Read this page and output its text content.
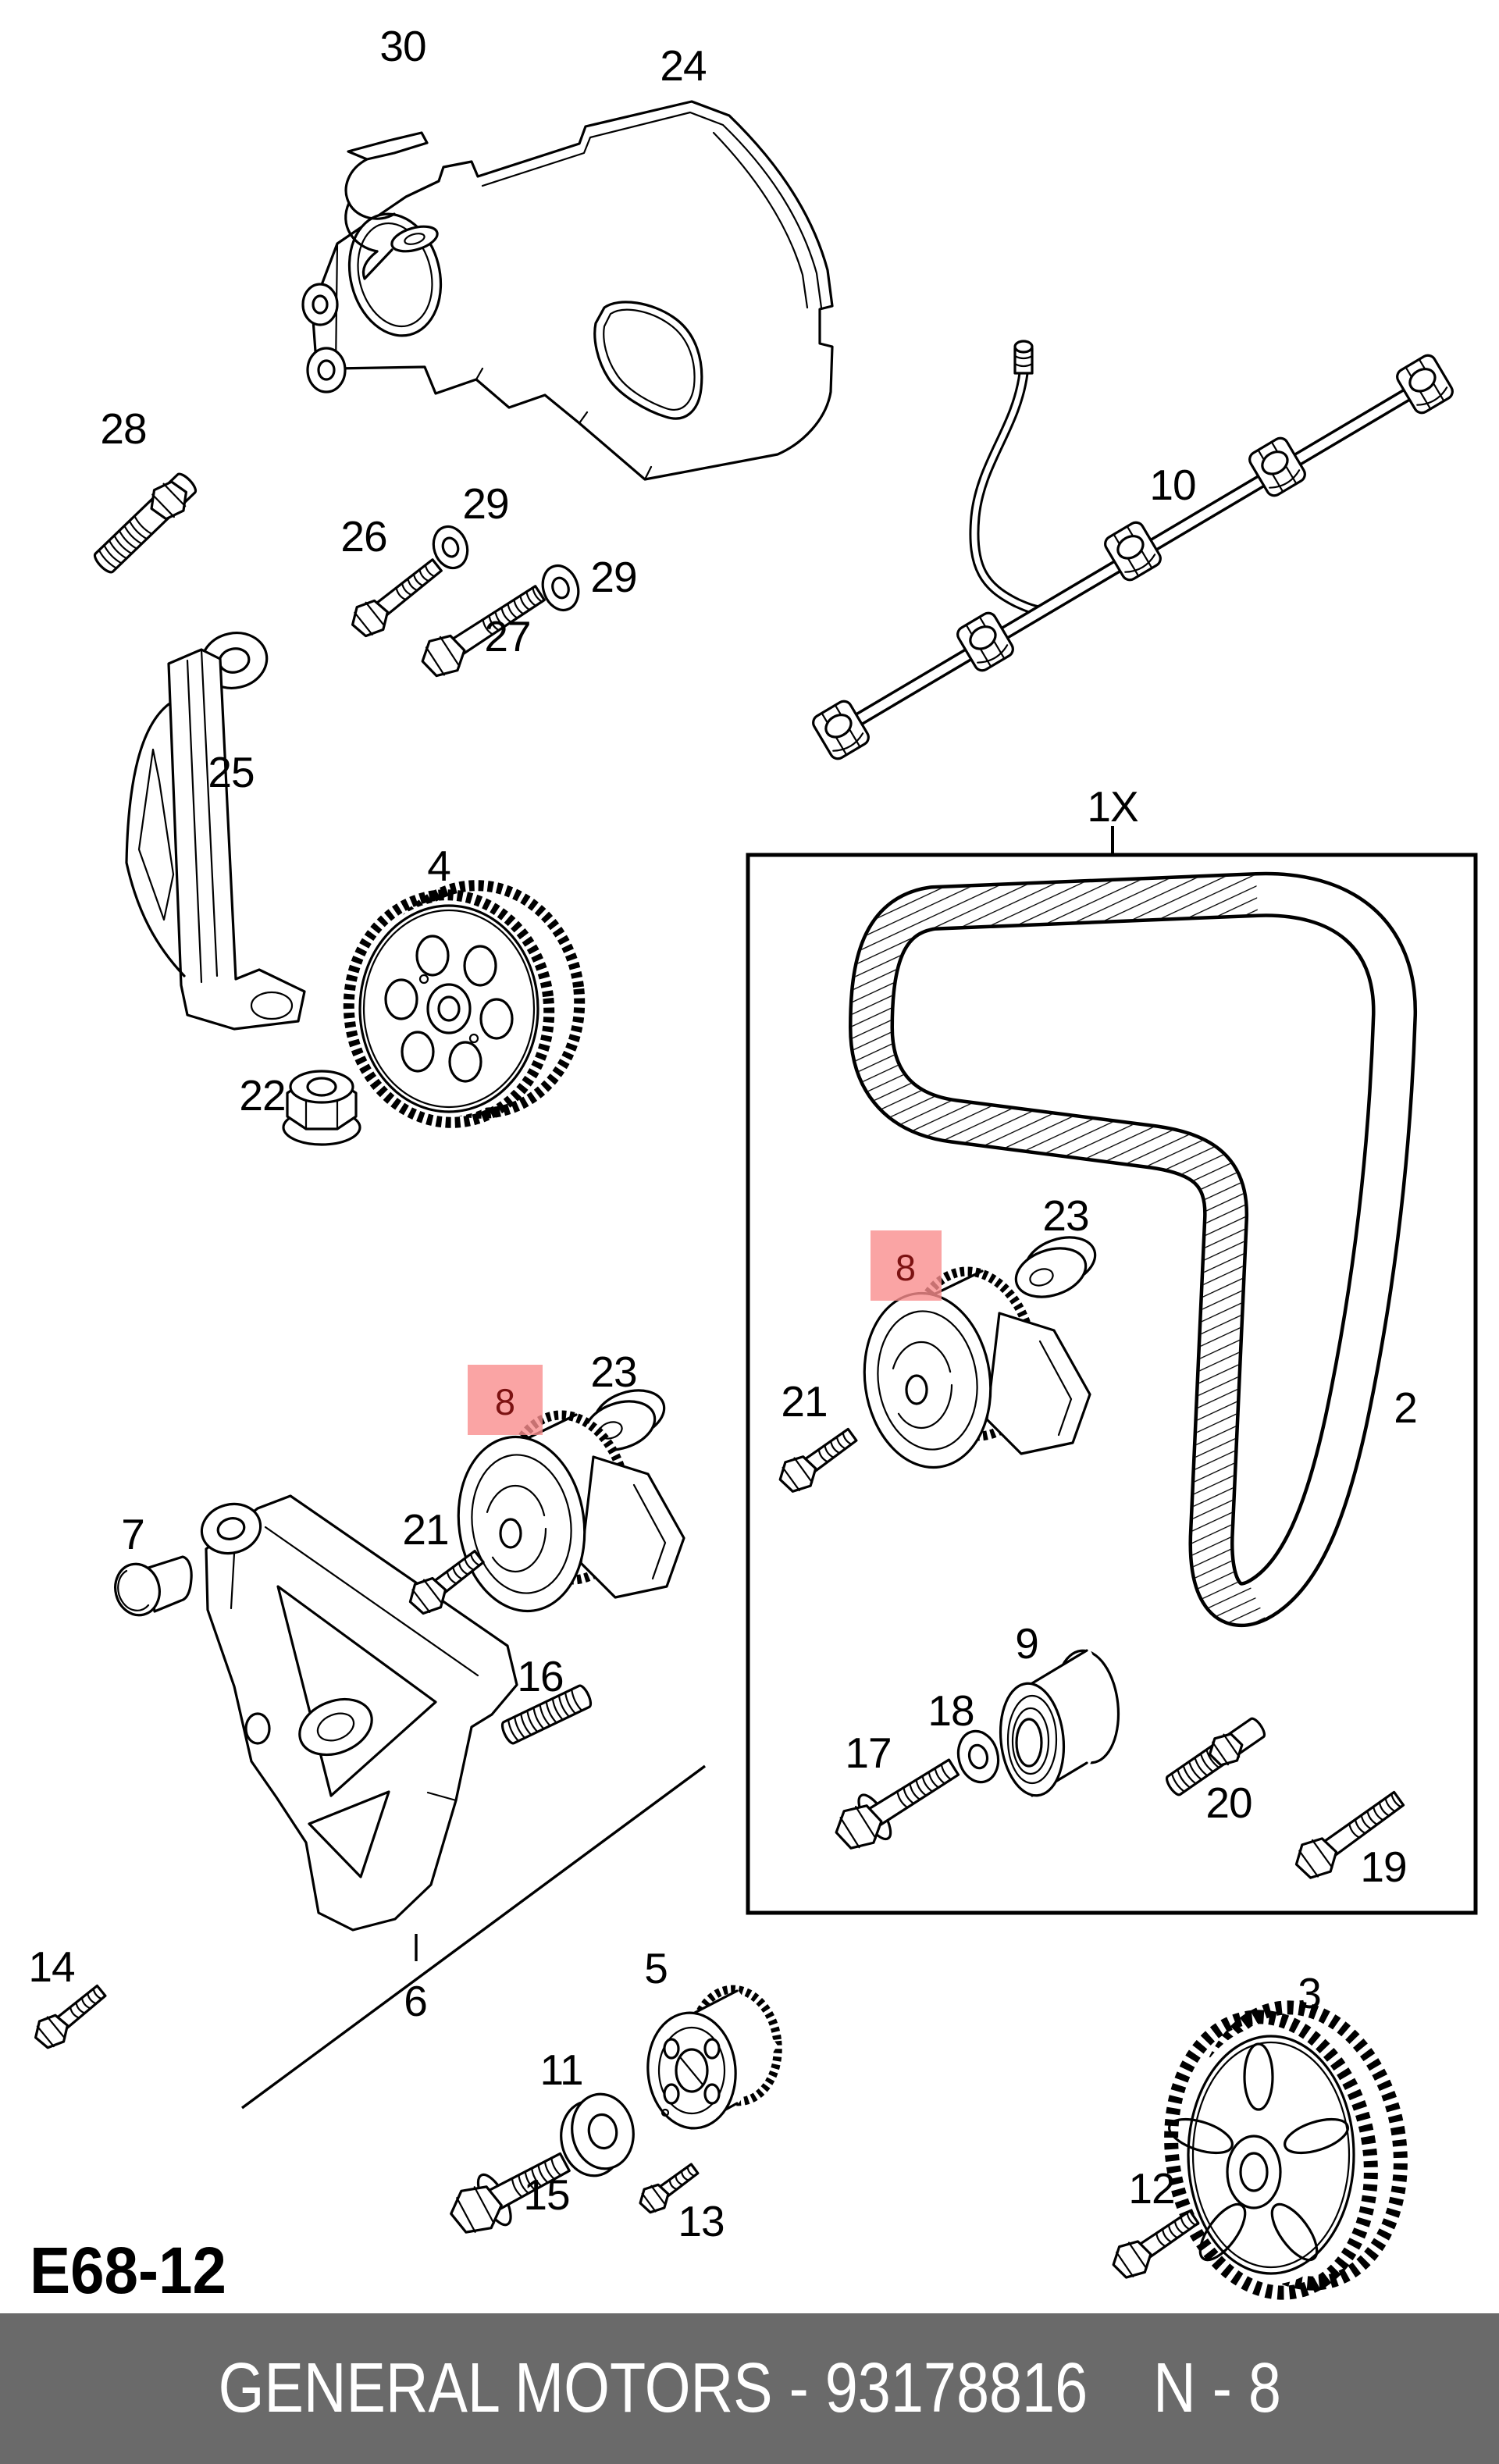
1X
8
8
30	24
28
26
29
29
27
10
25
4
22
2
23
21
9
18
17
20
19
23
21
7
16
6
14	5
11
15
13
3
12
E68-12
GENERAL MOTORS - 93178816 N - 8
